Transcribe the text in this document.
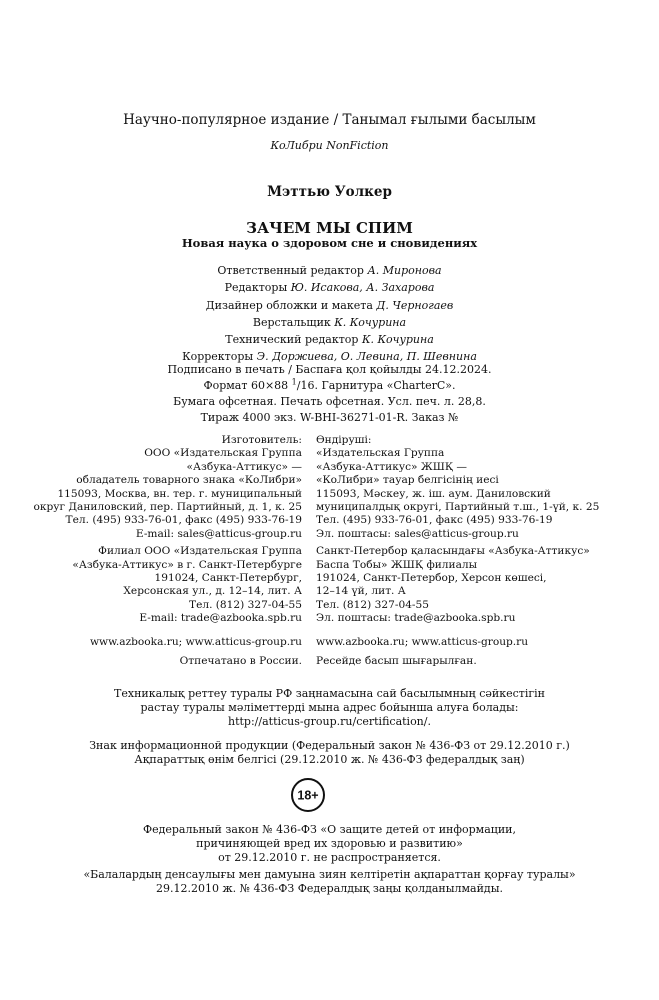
Научно-популярное издание / Танымал ғылыми басылым
КоЛибри NonFiction
Мэттью Уолкер
ЗАЧЕМ МЫ СПИМ
Новая наука о здоровом сне и сновидениях
Ответственный редактор А. Миронова
Редакторы Ю. Исакова, А. Захарова
Дизайнер обложки и макета Д. Черногаев
Верстальщик К. Кочурина
Технический редактор К. Кочурина
Корректоры Э. Доржиева, О. Левина, П. Шевнина
Подписано в печать / Баспаға қол қойылды 24.12.2024.
Формат 60×88 $^1$/16. Гарнитура «CharterC».
Бумага офсетная. Печать офсетная. Усл. печ. л. 28,8.
Тираж 4000 экз. W-BHI-36271-01-R. Заказ №
Изготовитель:
ООО «Издательская Группа
«Азбука-Аттикус» —
обладатель товарного знака «КоЛибри»
115093, Москва, вн. тер. г. муниципальный
округ Даниловский, пер. Партийный, д. 1, к. 25
Тел. (495) 933-76-01, факс (495) 933-76-19
E-mail: sales@atticus-group.ru
Филиал ООО «Издательская Группа
«Азбука-Аттикус» в г. Санкт-Петербурге
191024, Санкт-Петербург,
Херсонская ул., д. 12–14, лит. А
Тел. (812) 327-04-55
E-mail: trade@azbooka.spb.ru
www.azbooka.ru; www.atticus-group.ru
Отпечатано в России.
Өндіруші:
«Издательская Группа
«Азбука-Аттикус» ЖШҚ —
«КоЛибри» тауар белгісінің иесі
115093, Мәскеу, ж. іш. аум. Даниловский
муниципалдық округі, Партийный т.ш., 1-үй, к. 25
Тел. (495) 933-76-01, факс (495) 933-76-19
Эл. поштасы: sales@atticus-group.ru
Санкт-Петербор қаласындағы «Азбука-Аттикус»
Баспа Тобы» ЖШҚ филиалы
191024, Санкт-Петербор, Херсон көшесі,
12–14 үй, лит. А
Тел. (812) 327-04-55
Эл. поштасы: trade@azbooka.spb.ru
www.azbooka.ru; www.atticus-group.ru
Ресейде басып шығарылған.
Техникалық реттеу туралы РФ заңнамасына сай басылымның сәйкестігін
растау туралы мәліметтерді мына адрес бойынша алуға болады:
http://atticus-group.ru/certification/.
Знак информационной продукции (Федеральный закон № 436-ФЗ от 29.12.2010 г.)
Ақпараттық өнім белгісі (29.12.2010 ж. № 436-ФЗ федералдық заң)
18+
Федеральный закон № 436-ФЗ «О защите детей от информации,
причиняющей вред их здоровью и развитию»
от 29.12.2010 г. не распространяется.
«Балалардың денсаулығы мен дамуына зиян келтіретін ақпараттан қорғау туралы»
29.12.2010 ж. № 436-ФЗ Федералдық заңы қолданылмайды.
